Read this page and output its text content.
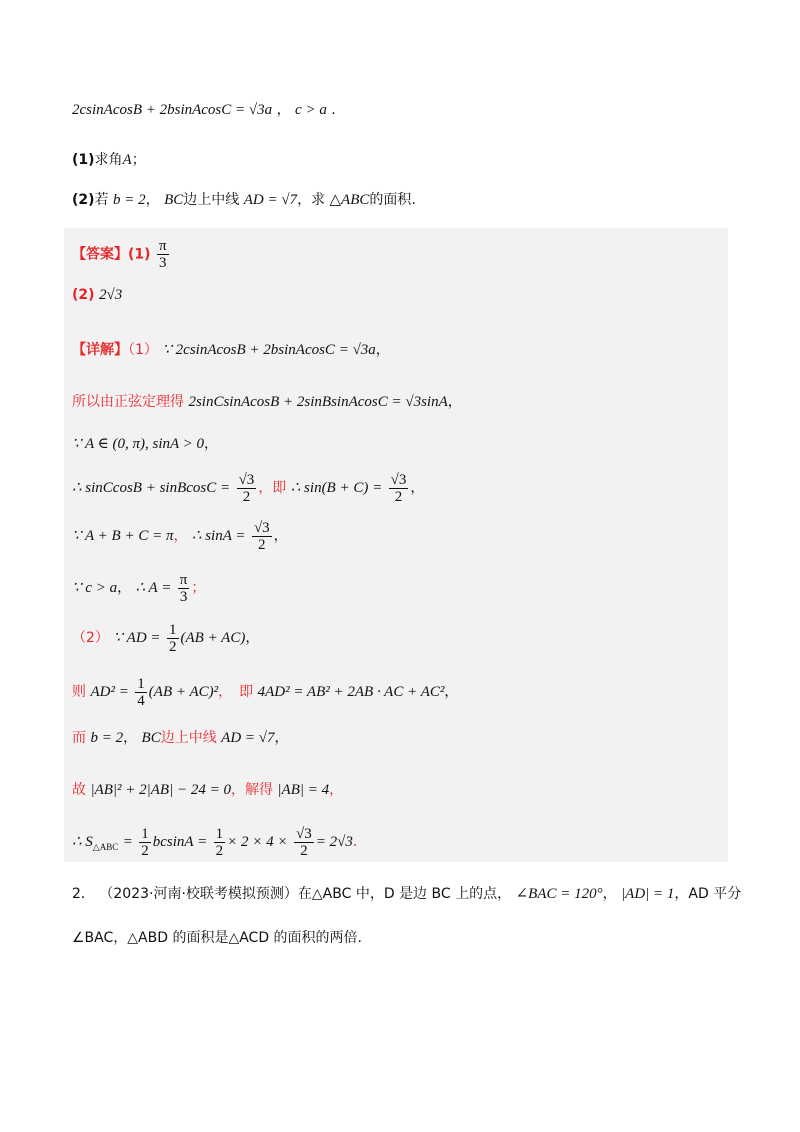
2csinAcosB + 2bsinAcosC = √3a ， c > a .
(1)求角A；
(2)若 b = 2， BC边上中线 AD = √7，求 △ABC的面积.
【答案】$(1) \frac{\pi}{3}$
(2) 2√3
【详解】（1） ∵ 2csinAcosB + 2bsinAcosC = √3a，
所以由正弦定理得 2sinCsinAcosB + 2sinBsinAcosC = √3sinA，
∵ A ∈ (0, π), sinA > 0，
∴ sinCcosB + sinBcosC = $\frac{√3}{2}$ ，即 ∴ $\sin(B + C) = \frac{√3}{2}$ ，
∵ A + B + C = π， ∴ $\sin A = \frac{√3}{2}$ ，
∵ c > a， ∴ $A = \frac{\pi}{3}$ ；
（2） ∵ AD = $\frac{1}{2} (AB + AC)$，
则 $AD^2 = \frac{1}{4} (AB + AC)^2$，　即 4AD² = AB² + 2AB · AC + AC²，
而 b = 2， BC边上中线 AD = √7，
故 |AB|² + 2|AB| − 24 = 0，解得 |AB| = 4，
∴ $S_{\triangle ABC} = \frac{1}{2}$ $bcsinA = \frac{1}{2} \times 2 \times 4 \times \frac{√3}{2} = 2√3$.
2． （2023·河南·校联考模拟预测）在△ABC 中，D 是边 BC 上的点， ∠BAC = 120°， |AD| = 1，AD 平分
∠BAC，△ABD 的面积是△ACD 的面积的两倍.
